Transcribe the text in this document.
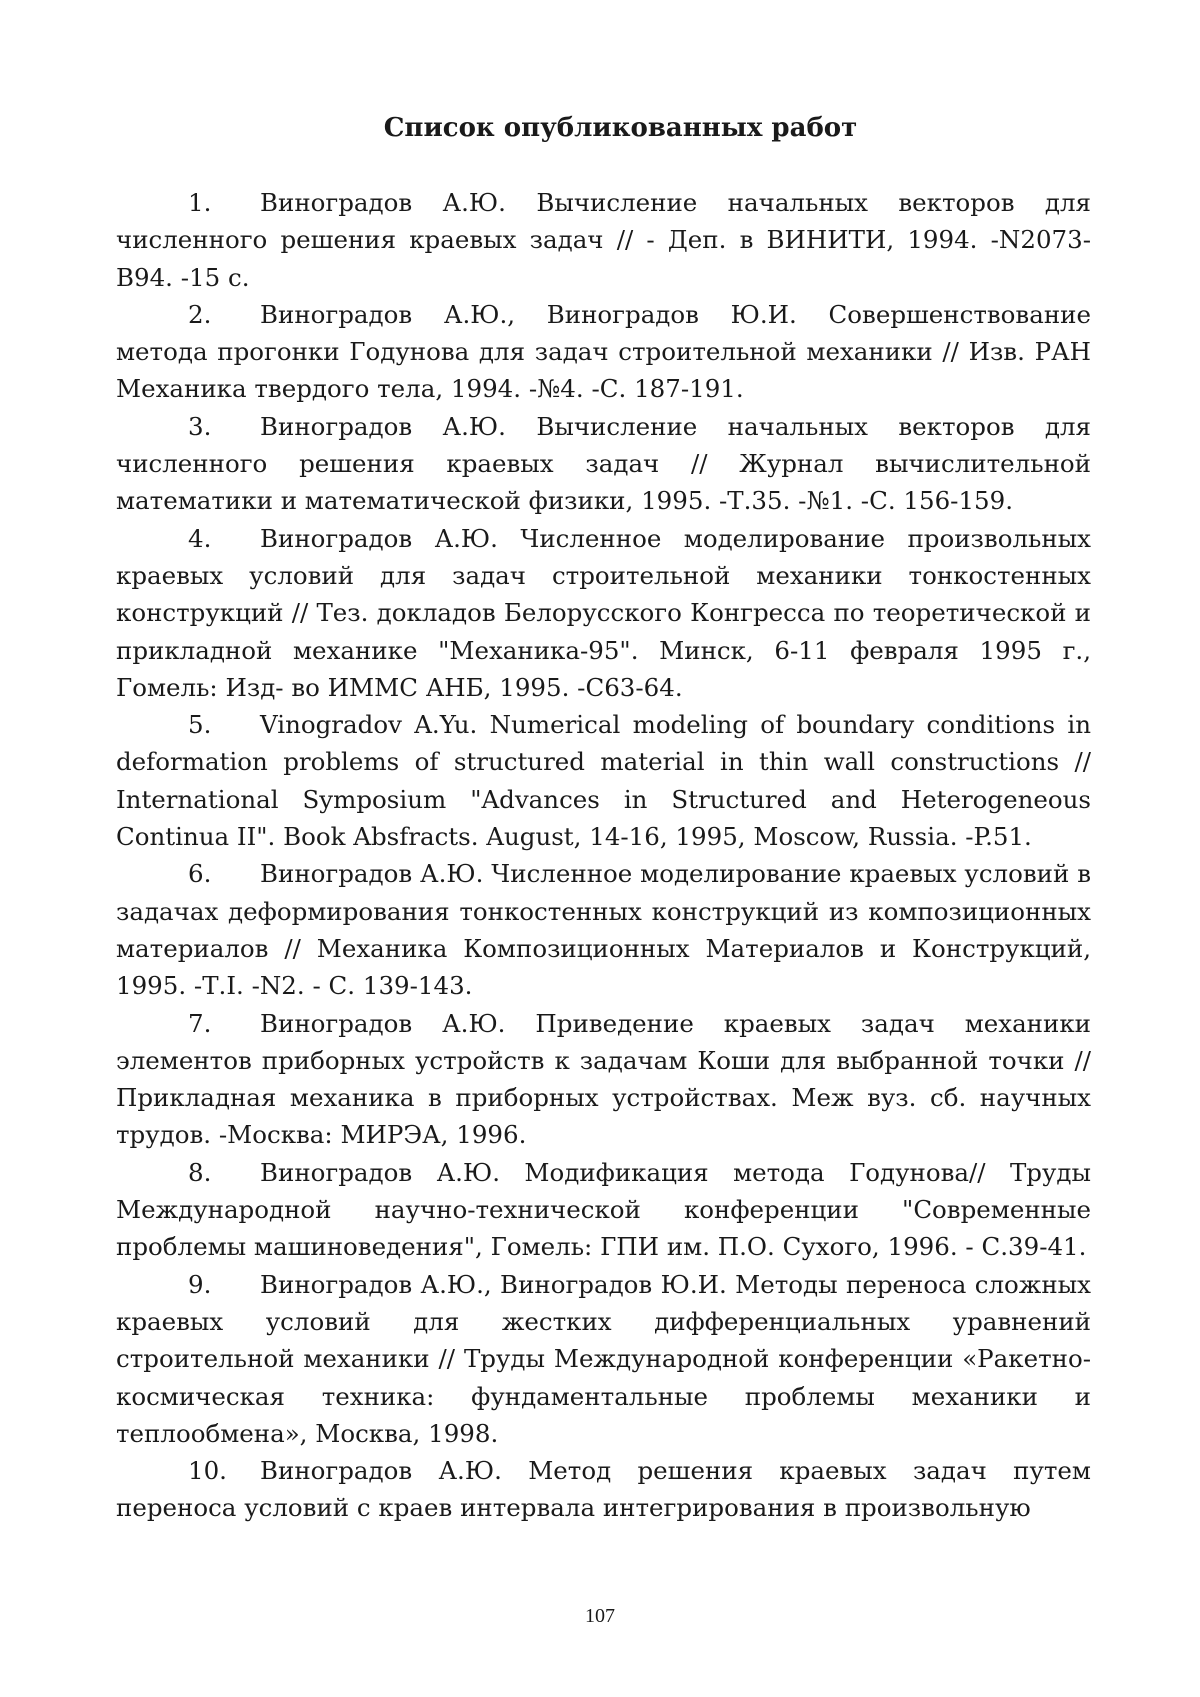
Список опубликованных работ
1. Виноградов А.Ю. Вычисление начальных векторов для численного решения краевых задач // - Деп. в ВИНИТИ, 1994. -N2073-B94. -15 с.
2. Виноградов А.Ю., Виноградов Ю.И. Совершенствование метода прогонки Годунова для задач строительной механики // Изв. РАН Механика твердого тела, 1994. -№4. -С. 187-191.
3. Виноградов А.Ю. Вычисление начальных векторов для численного решения краевых задач // Журнал вычислительной математики и математической физики, 1995. -Т.35. -№1. -С. 156-159.
4. Виноградов А.Ю. Численное моделирование произвольных краевых условий для задач строительной механики тонкостенных конструкций // Тез. докладов Белорусского Конгресса по теоретической и прикладной механике "Механика-95". Минск, 6-11 февраля 1995 г., Гомель: Изд- во ИММС АНБ, 1995. -С63-64.
5. Vinogradov A.Yu. Numerical modeling of boundary conditions in deformation problems of structured material in thin wall constructions // International Symposium "Advances in Structured and Heterogeneous Continua II". Book Absfracts. August, 14-16, 1995, Moscow, Russia. -P.51.
6. Виноградов А.Ю. Численное моделирование краевых условий в задачах деформирования тонкостенных конструкций из композиционных материалов // Механика Композиционных Материалов и Конструкций, 1995. -Т.I. -N2. - С. 139-143.
7. Виноградов А.Ю. Приведение краевых задач механики элементов приборных устройств к задачам Коши для выбранной точки // Прикладная механика в приборных устройствах. Меж вуз. сб. научных трудов. -Москва: МИРЭА, 1996.
8. Виноградов А.Ю. Модификация метода Годунова// Труды Международной научно-технической конференции "Современные проблемы машиноведения", Гомель: ГПИ им. П.О. Сухого, 1996. - С.39-41.
9. Виноградов А.Ю., Виноградов Ю.И. Методы переноса сложных краевых условий для жестких дифференциальных уравнений строительной механики // Труды Международной конференции «Ракетно-космическая техника: фундаментальные проблемы механики и теплообмена», Москва, 1998.
10. Виноградов А.Ю. Метод решения краевых задач путем переноса условий с краев интервала интегрирования в произвольную
107
